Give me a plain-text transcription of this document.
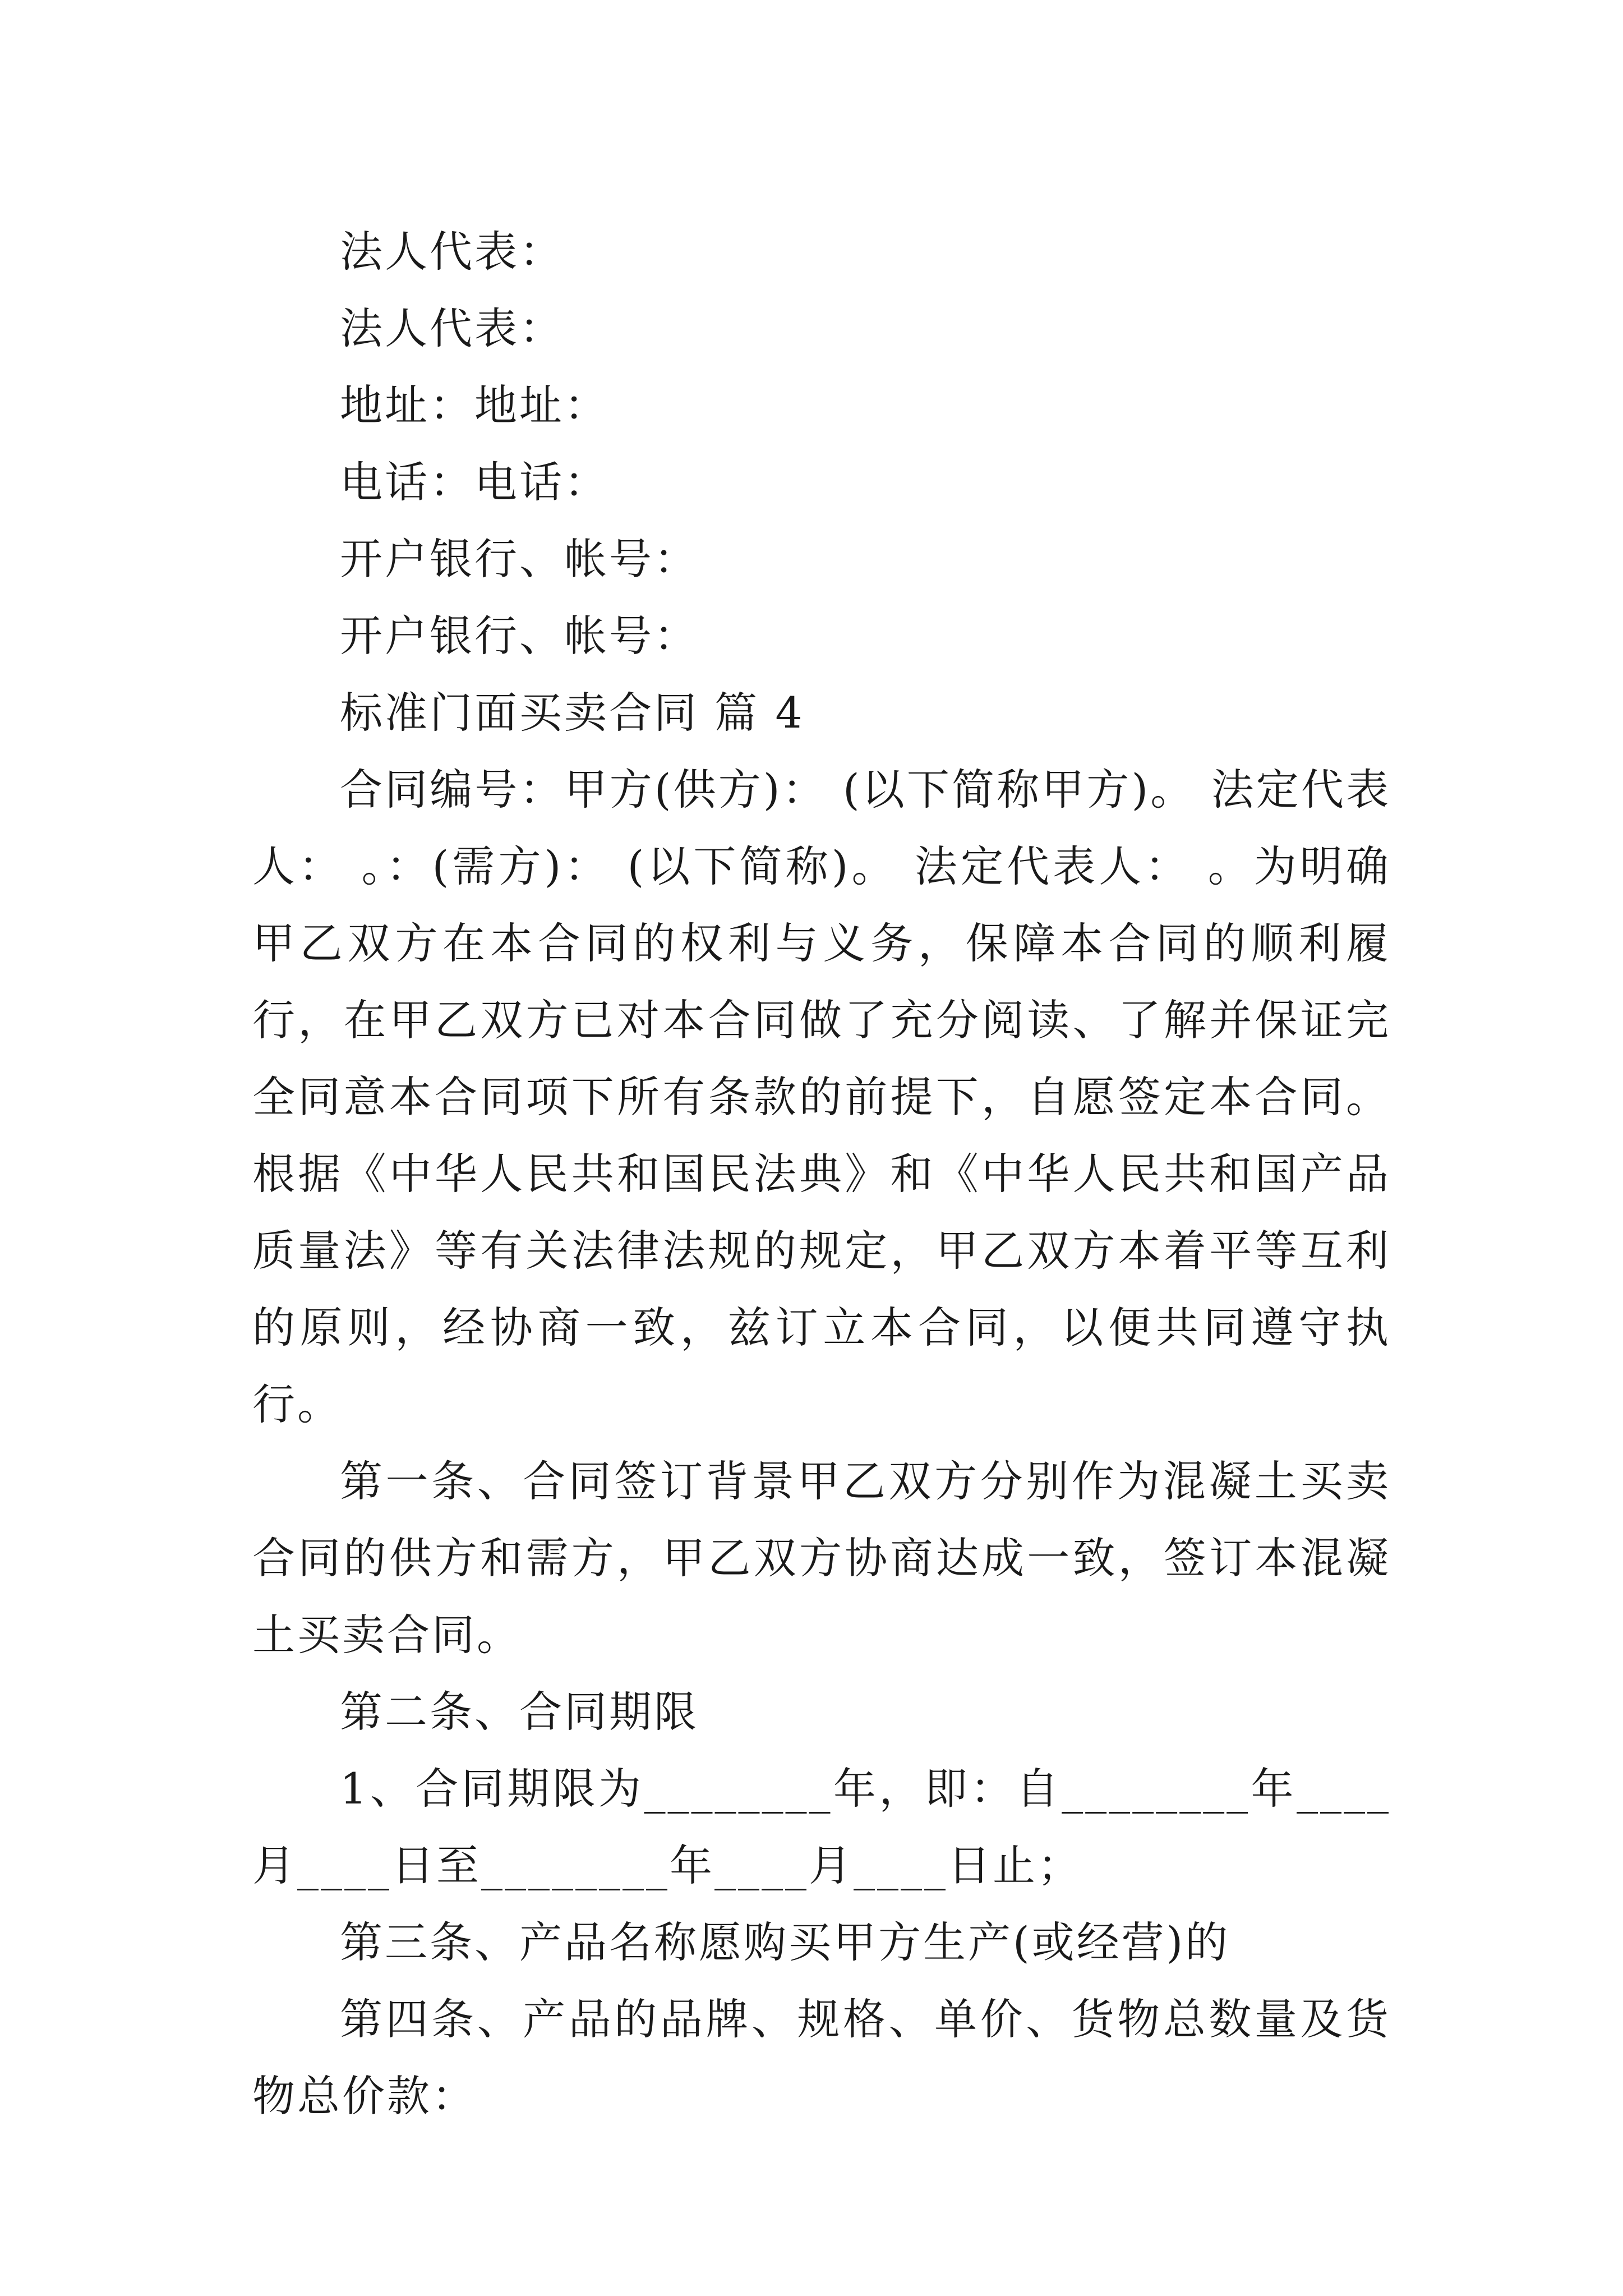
法人代表：

法人代表：

地址：地址：

电话：电话：

开户银行、帐号：

开户银行、帐号：

标准门面买卖合同 篇 4

合同编号：甲方(供方)： (以下简称甲方)。 法定代表人： 。：(需方)： (以下简称)。 法定代表人： 。为明确甲乙双方在本合同的权利与义务，保障本合同的顺利履行，在甲乙双方已对本合同做了充分阅读、了解并保证完全同意本合同项下所有条款的前提下，自愿签定本合同。根据《中华人民共和国民法典》和《中华人民共和国产品质量法》等有关法律法规的规定，甲乙双方本着平等互利的原则，经协商一致，兹订立本合同，以便共同遵守执行。

第一条、合同签订背景甲乙双方分别作为混凝土买卖合同的供方和需方，甲乙双方协商达成一致，签订本混凝土买卖合同。

第二条、合同期限

1、合同期限为________年，即：自________年____月____日至________年____月____日止；

第三条、产品名称愿购买甲方生产(或经营)的

第四条、产品的品牌、规格、单价、货物总数量及货物总价款：
